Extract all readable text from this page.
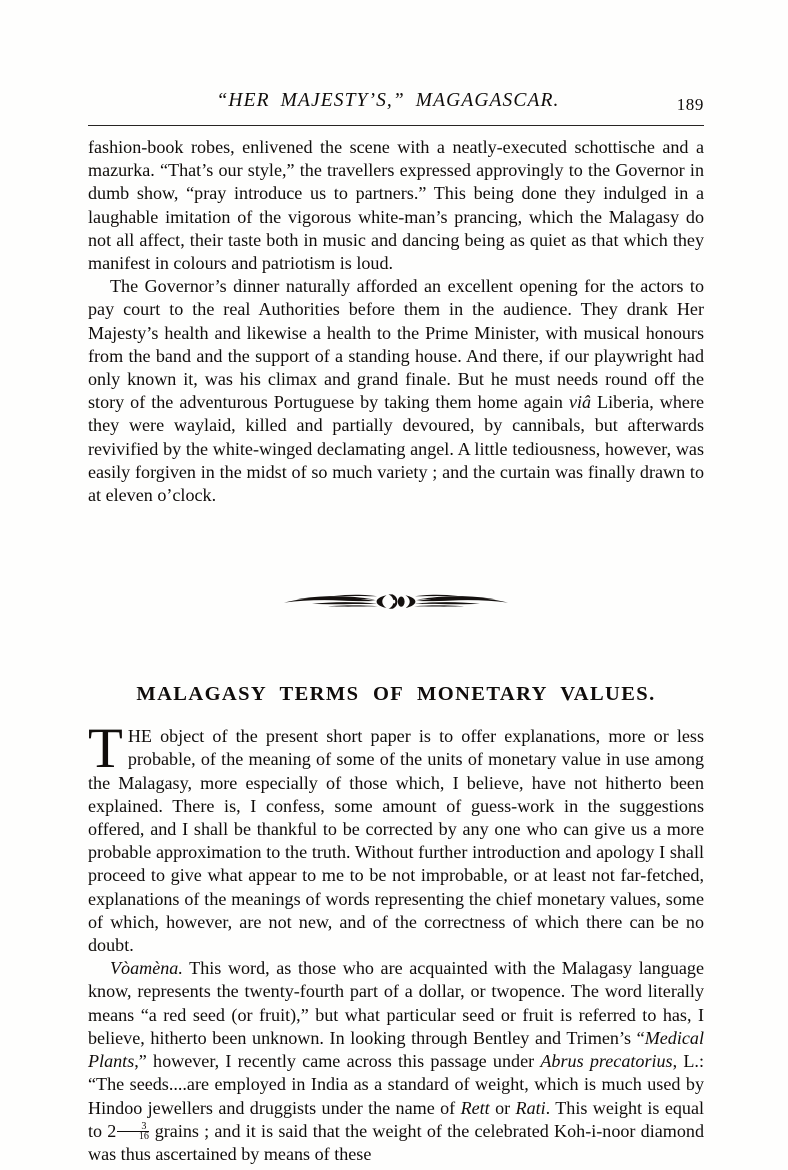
“HER MAJESTY’S,” MAGAGASCAR.	189

fashion-book robes, enlivened the scene with a neatly-executed schottische and a mazurka. “That’s our style,” the travellers expressed approvingly to the Governor in dumb show, “pray introduce us to partners.” This being done they indulged in a laughable imitation of the vigorous white-man’s prancing, which the Malagasy do not all affect, their taste both in music and dancing being as quiet as that which they manifest in colours and patriotism is loud.

The Governor’s dinner naturally afforded an excellent opening for the actors to pay court to the real Authorities before them in the audience. They drank Her Majesty’s health and likewise a health to the Prime Minister, with musical honours from the band and the support of a standing house. And there, if our playwright had only known it, was his climax and grand finale. But he must needs round off the story of the adventurous Portuguese by taking them home again viâ Liberia, where they were waylaid, killed and partially devoured, by cannibals, but afterwards revivified by the white-winged declamating angel. A little tediousness, however, was easily forgiven in the midst of so much variety ; and the curtain was finally drawn to at eleven o’clock.

MALAGASY TERMS OF MONETARY VALUES.

THE object of the present short paper is to offer explanations, more or less probable, of the meaning of some of the units of monetary value in use among the Malagasy, more especially of those which, I believe, have not hitherto been explained. There is, I confess, some amount of guess-work in the suggestions offered, and I shall be thankful to be corrected by any one who can give us a more probable approximation to the truth. Without further introduction and apology I shall proceed to give what appear to me to be not improbable, or at least not far-fetched, explanations of the meanings of words representing the chief monetary values, some of which, however, are not new, and of the correctness of which there can be no doubt.

Vòamèna. This word, as those who are acquainted with the Malagasy language know, represents the twenty-fourth part of a dollar, or twopence. The word literally means “a red seed (or fruit),” but what particular seed or fruit is referred to has, I believe, hitherto been unknown. In looking through Bentley and Trimen’s “Medical Plants,” however, I recently came across this passage under Abrus precatorius, L.: “The seeds....are employed in India as a standard of weight, which is much used by Hindoo jewellers and druggists under the name of Rett or Rati. This weight is equal to $2 \frac{3}{16}$ grains ; and it is said that the weight of the celebrated Koh-i-noor diamond was thus ascertained by means of these
